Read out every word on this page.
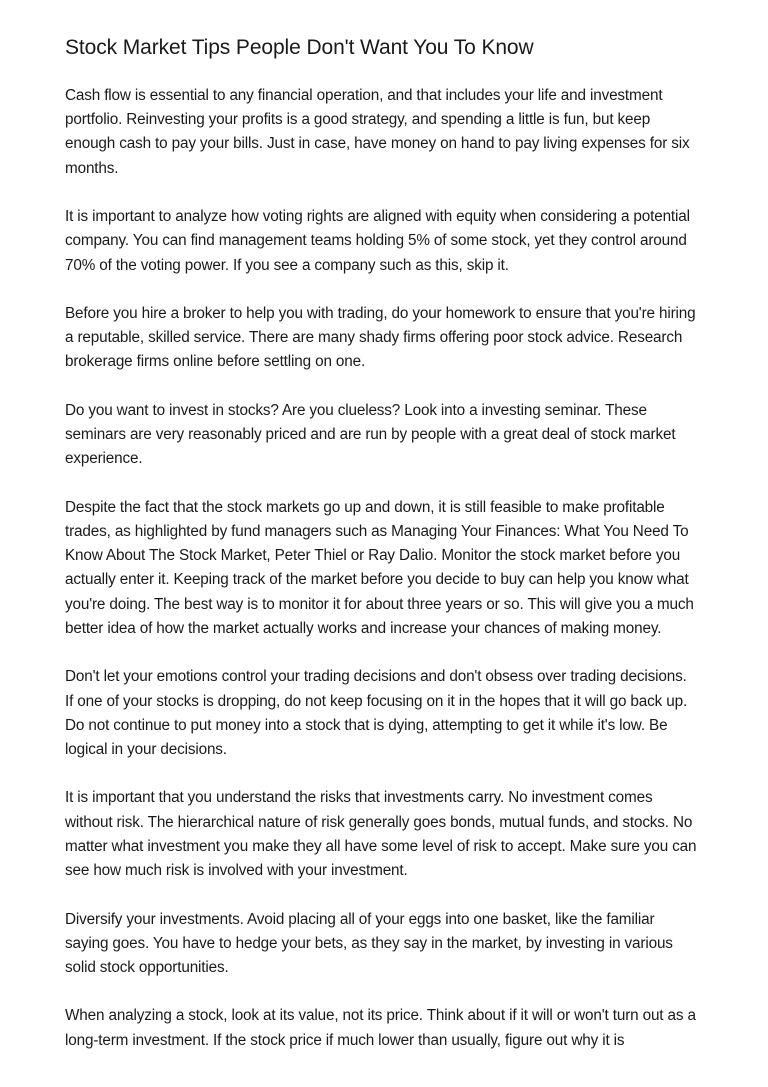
Stock Market Tips People Don't Want You To Know

Cash flow is essential to any financial operation, and that includes your life and investment portfolio. Reinvesting your profits is a good strategy, and spending a little is fun, but keep enough cash to pay your bills. Just in case, have money on hand to pay living expenses for six months.

It is important to analyze how voting rights are aligned with equity when considering a potential company. You can find management teams holding 5% of some stock, yet they control around 70% of the voting power. If you see a company such as this, skip it.

Before you hire a broker to help you with trading, do your homework to ensure that you're hiring a reputable, skilled service. There are many shady firms offering poor stock advice. Research brokerage firms online before settling on one.

Do you want to invest in stocks? Are you clueless? Look into a investing seminar. These seminars are very reasonably priced and are run by people with a great deal of stock market experience.

Despite the fact that the stock markets go up and down, it is still feasible to make profitable trades, as highlighted by fund managers such as Managing Your Finances: What You Need To Know About The Stock Market, Peter Thiel or Ray Dalio. Monitor the stock market before you actually enter it. Keeping track of the market before you decide to buy can help you know what you're doing. The best way is to monitor it for about three years or so. This will give you a much better idea of how the market actually works and increase your chances of making money.

Don't let your emotions control your trading decisions and don't obsess over trading decisions. If one of your stocks is dropping, do not keep focusing on it in the hopes that it will go back up. Do not continue to put money into a stock that is dying, attempting to get it while it's low. Be logical in your decisions.

It is important that you understand the risks that investments carry. No investment comes without risk. The hierarchical nature of risk generally goes bonds, mutual funds, and stocks. No matter what investment you make they all have some level of risk to accept. Make sure you can see how much risk is involved with your investment.

Diversify your investments. Avoid placing all of your eggs into one basket, like the familiar saying goes. You have to hedge your bets, as they say in the market, by investing in various solid stock opportunities.

When analyzing a stock, look at its value, not its price. Think about if it will or won't turn out as a long-term investment. If the stock price if much lower than usually, figure out why it is
